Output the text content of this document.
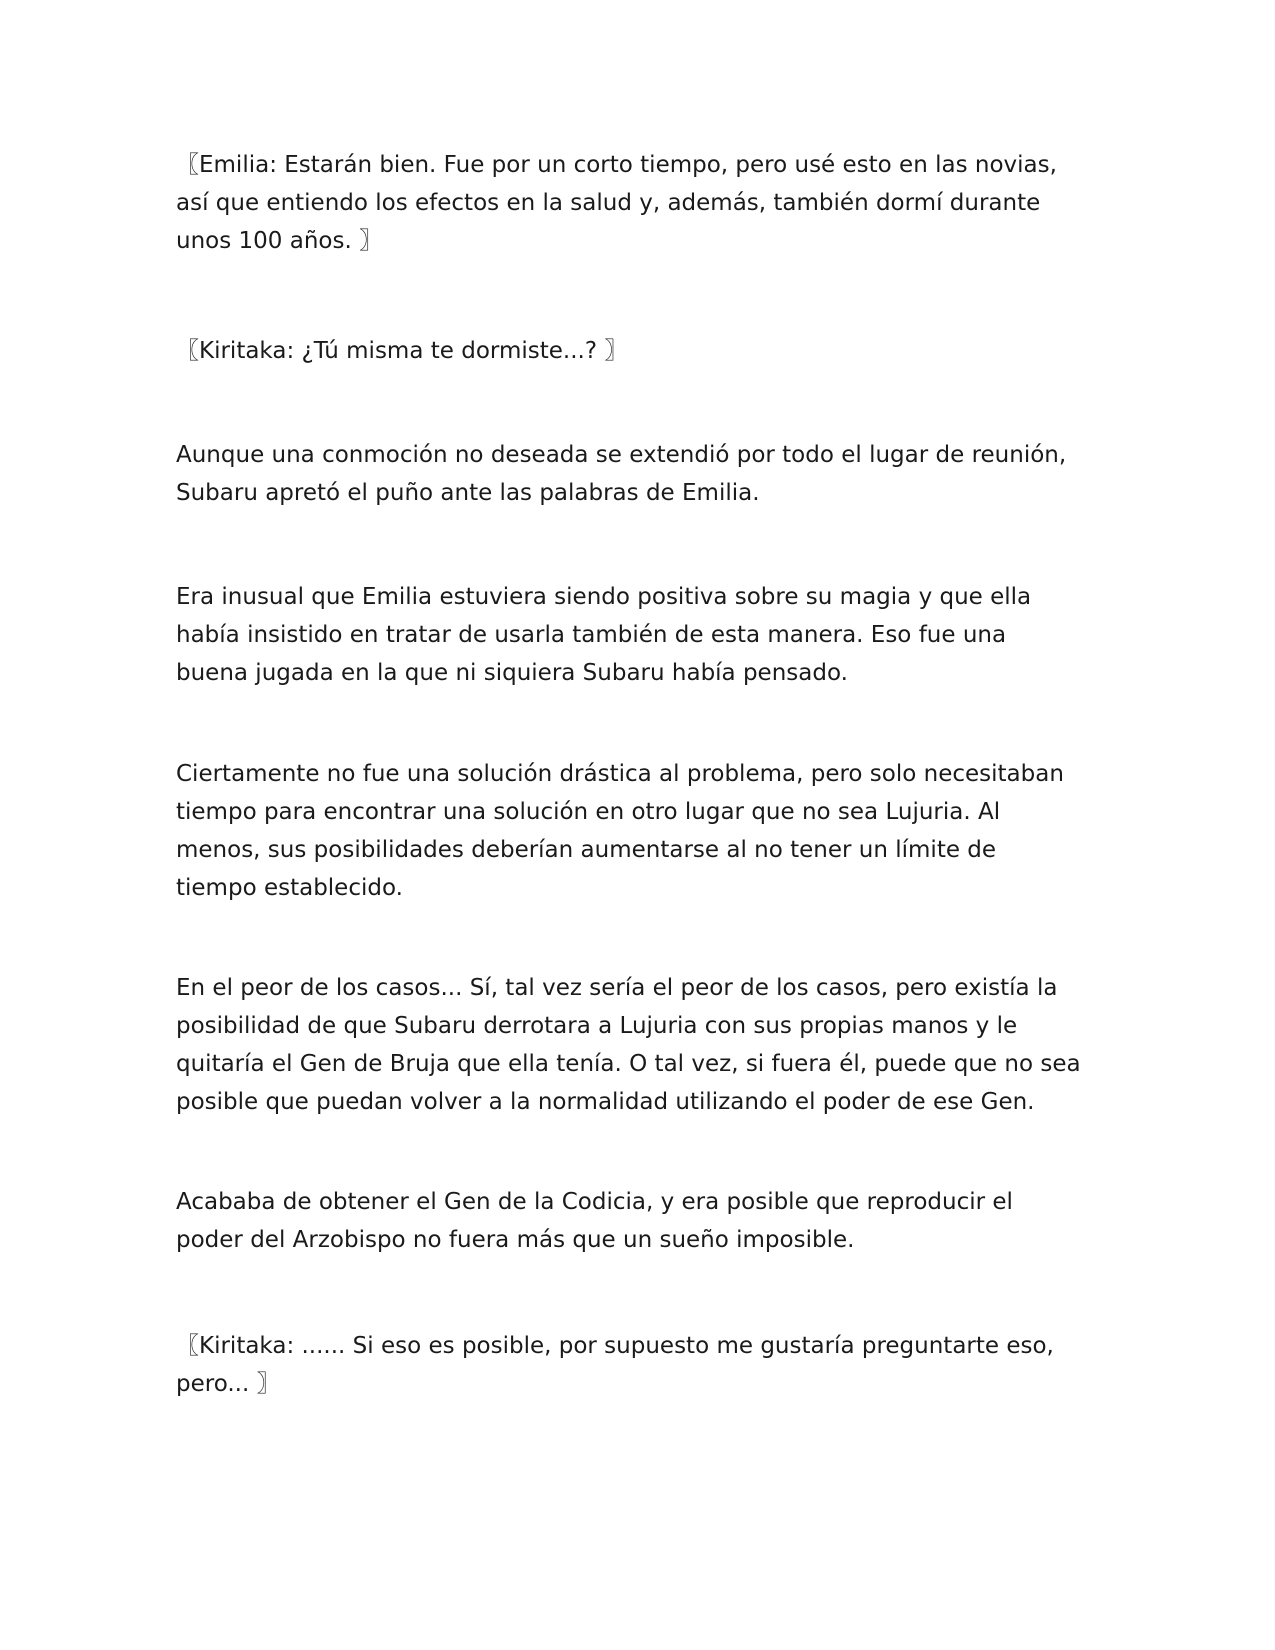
〖Emilia: Estarán bien. Fue por un corto tiempo, pero usé esto en las novias,
así que entiendo los efectos en la salud y, además, también dormí durante
unos 100 años. 〗

〖Kiritaka: ¿Tú misma te dormiste...? 〗

Aunque una conmoción no deseada se extendió por todo el lugar de reunión,
Subaru apretó el puño ante las palabras de Emilia.

Era inusual que Emilia estuviera siendo positiva sobre su magia y que ella
había insistido en tratar de usarla también de esta manera. Eso fue una
buena jugada en la que ni siquiera Subaru había pensado.

Ciertamente no fue una solución drástica al problema, pero solo necesitaban
tiempo para encontrar una solución en otro lugar que no sea Lujuria. Al
menos, sus posibilidades deberían aumentarse al no tener un límite de
tiempo establecido.

En el peor de los casos... Sí, tal vez sería el peor de los casos, pero existía la
posibilidad de que Subaru derrotara a Lujuria con sus propias manos y le
quitaría el Gen de Bruja que ella tenía. O tal vez, si fuera él, puede que no sea
posible que puedan volver a la normalidad utilizando el poder de ese Gen.

Acababa de obtener el Gen de la Codicia, y era posible que reproducir el
poder del Arzobispo no fuera más que un sueño imposible.

〖Kiritaka: ...... Si eso es posible, por supuesto me gustaría preguntarte eso,
pero... 〗
